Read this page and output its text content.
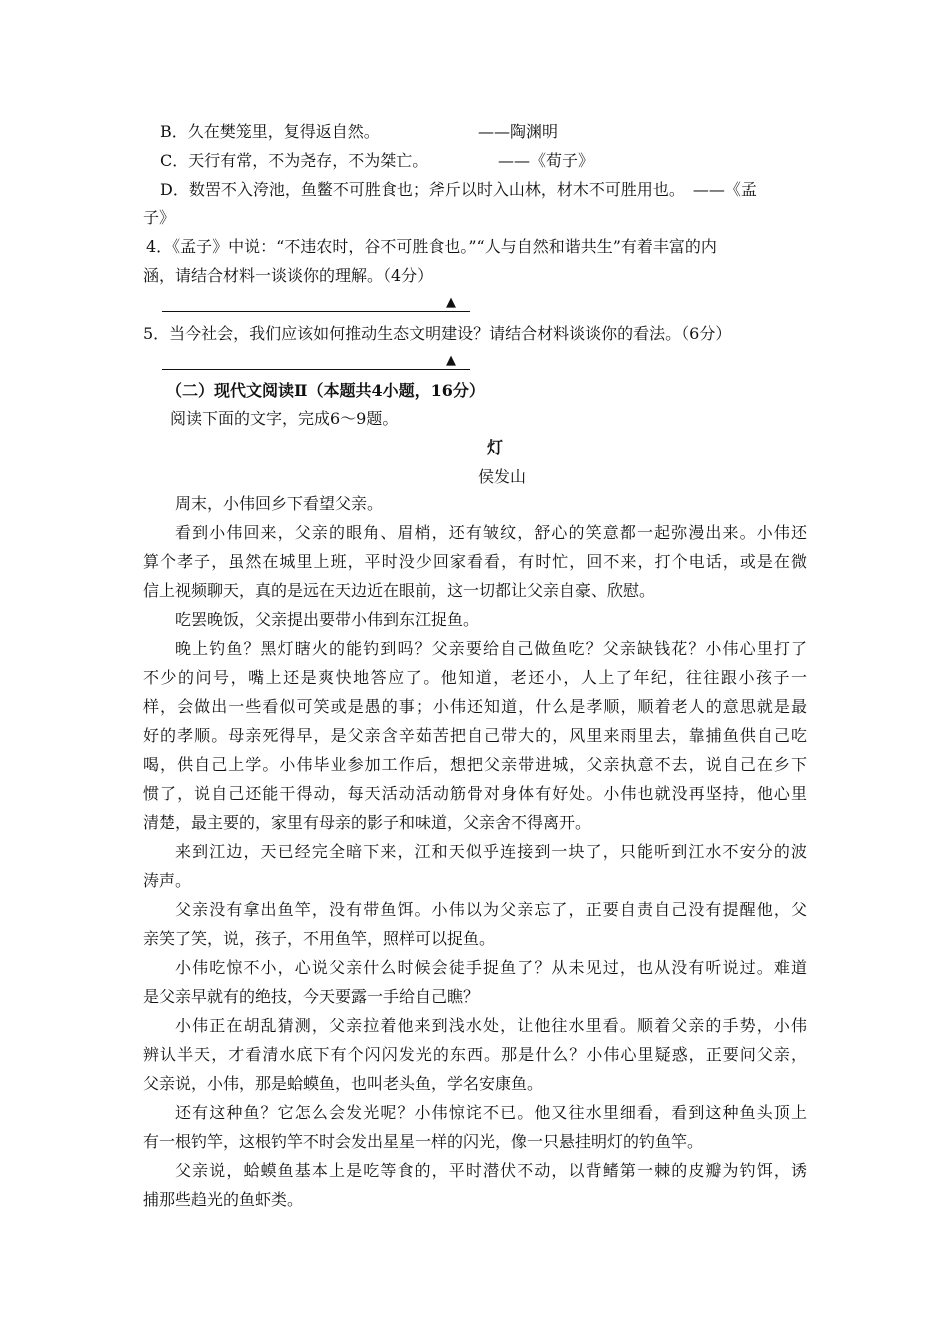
B．久在樊笼里，复得返自然。	——陶渊明
C．天行有常，不为尧存，不为桀亡。	——《荀子》
D．数罟不入洿池，鱼鳖不可胜食也；斧斤以时入山林，材木不可胜用也。　——《孟
子》
4．《孟子》中说：“不违农时，谷不可胜食也。”“人与自然和谐共生”有着丰富的内
涵，请结合材料一谈谈你的理解。（4分）
▲
5．当今社会，我们应该如何推动生态文明建设？请结合材料谈谈你的看法。（6分）
▲
（二）现代文阅读Ⅱ（本题共4小题，16分）
阅读下面的文字，完成6～9题。
灯
侯发山
周末，小伟回乡下看望父亲。
看到小伟回来，父亲的眼角、眉梢，还有皱纹，舒心的笑意都一起弥漫出来。小伟还
算个孝子，虽然在城里上班，平时没少回家看看，有时忙，回不来，打个电话，或是在微
信上视频聊天，真的是远在天边近在眼前，这一切都让父亲自豪、欣慰。
吃罢晚饭，父亲提出要带小伟到东江捉鱼。
晚上钓鱼？黑灯瞎火的能钓到吗？父亲要给自己做鱼吃？父亲缺钱花？小伟心里打了
不少的问号，嘴上还是爽快地答应了。他知道，老还小，人上了年纪，往往跟小孩子一
样，会做出一些看似可笑或是愚的事；小伟还知道，什么是孝顺，顺着老人的意思就是最
好的孝顺。母亲死得早，是父亲含辛茹苦把自己带大的，风里来雨里去，靠捕鱼供自己吃
喝，供自己上学。小伟毕业参加工作后，想把父亲带进城，父亲执意不去，说自己在乡下
惯了，说自己还能干得动，每天活动活动筋骨对身体有好处。小伟也就没再坚持，他心里
清楚，最主要的，家里有母亲的影子和味道，父亲舍不得离开。
来到江边，天已经完全暗下来，江和天似乎连接到一块了，只能听到江水不安分的波
涛声。
父亲没有拿出鱼竿，没有带鱼饵。小伟以为父亲忘了，正要自责自己没有提醒他，父
亲笑了笑，说，孩子，不用鱼竿，照样可以捉鱼。
小伟吃惊不小，心说父亲什么时候会徒手捉鱼了？从未见过，也从没有听说过。难道
是父亲早就有的绝技，今天要露一手给自己瞧？
小伟正在胡乱猜测，父亲拉着他来到浅水处，让他往水里看。顺着父亲的手势，小伟
辨认半天，才看清水底下有个闪闪发光的东西。那是什么？小伟心里疑惑，正要问父亲，
父亲说，小伟，那是蛤蟆鱼，也叫老头鱼，学名安康鱼。
还有这种鱼？它怎么会发光呢？小伟惊诧不已。他又往水里细看，看到这种鱼头顶上
有一根钓竿，这根钓竿不时会发出星星一样的闪光，像一只悬挂明灯的钓鱼竿。
父亲说，蛤蟆鱼基本上是吃等食的，平时潜伏不动，以背鳍第一棘的皮瓣为钓饵，诱
捕那些趋光的鱼虾类。
